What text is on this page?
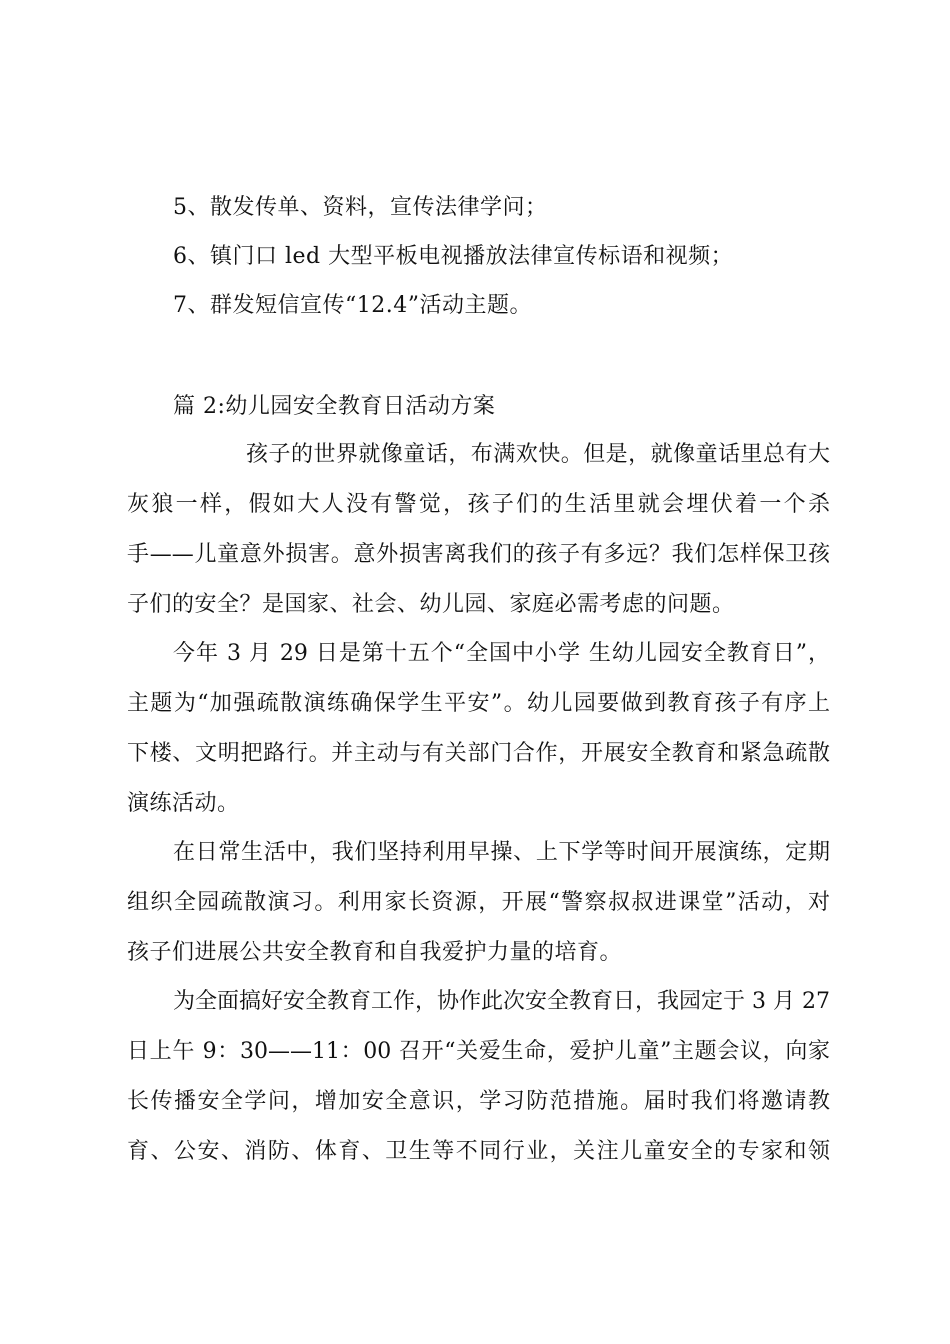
5、散发传单、资料，宣传法律学问；
6、镇门口 led 大型平板电视播放法律宣传标语和视频；
7、群发短信宣传“12.4”活动主题。
篇 2:幼儿园安全教育日活动方案
孩子的世界就像童话，布满欢快。但是，就像童话里总有大
灰狼一样，假如大人没有警觉，孩子们的生活里就会埋伏着一个杀
手——儿童意外损害。意外损害离我们的孩子有多远？我们怎样保卫孩
子们的安全？是国家、社会、幼儿园、家庭必需考虑的问题。
今年 3 月 29 日是第十五个“全国中小学 生幼儿园安全教育日”，
主题为“加强疏散演练确保学生平安”。幼儿园要做到教育孩子有序上
下楼、文明把路行。并主动与有关部门合作，开展安全教育和紧急疏散
演练活动。
在日常生活中，我们坚持利用早操、上下学等时间开展演练，定期
组织全园疏散演习。利用家长资源，开展“警察叔叔进课堂”活动，对
孩子们进展公共安全教育和自我爱护力量的培育。
为全面搞好安全教育工作，协作此次安全教育日，我园定于 3 月 27
日上午 9：30——11：00 召开“关爱生命，爱护儿童”主题会议，向家
长传播安全学问，增加安全意识，学习防范措施。届时我们将邀请教
育、公安、消防、体育、卫生等不同行业，关注儿童安全的专家和领
